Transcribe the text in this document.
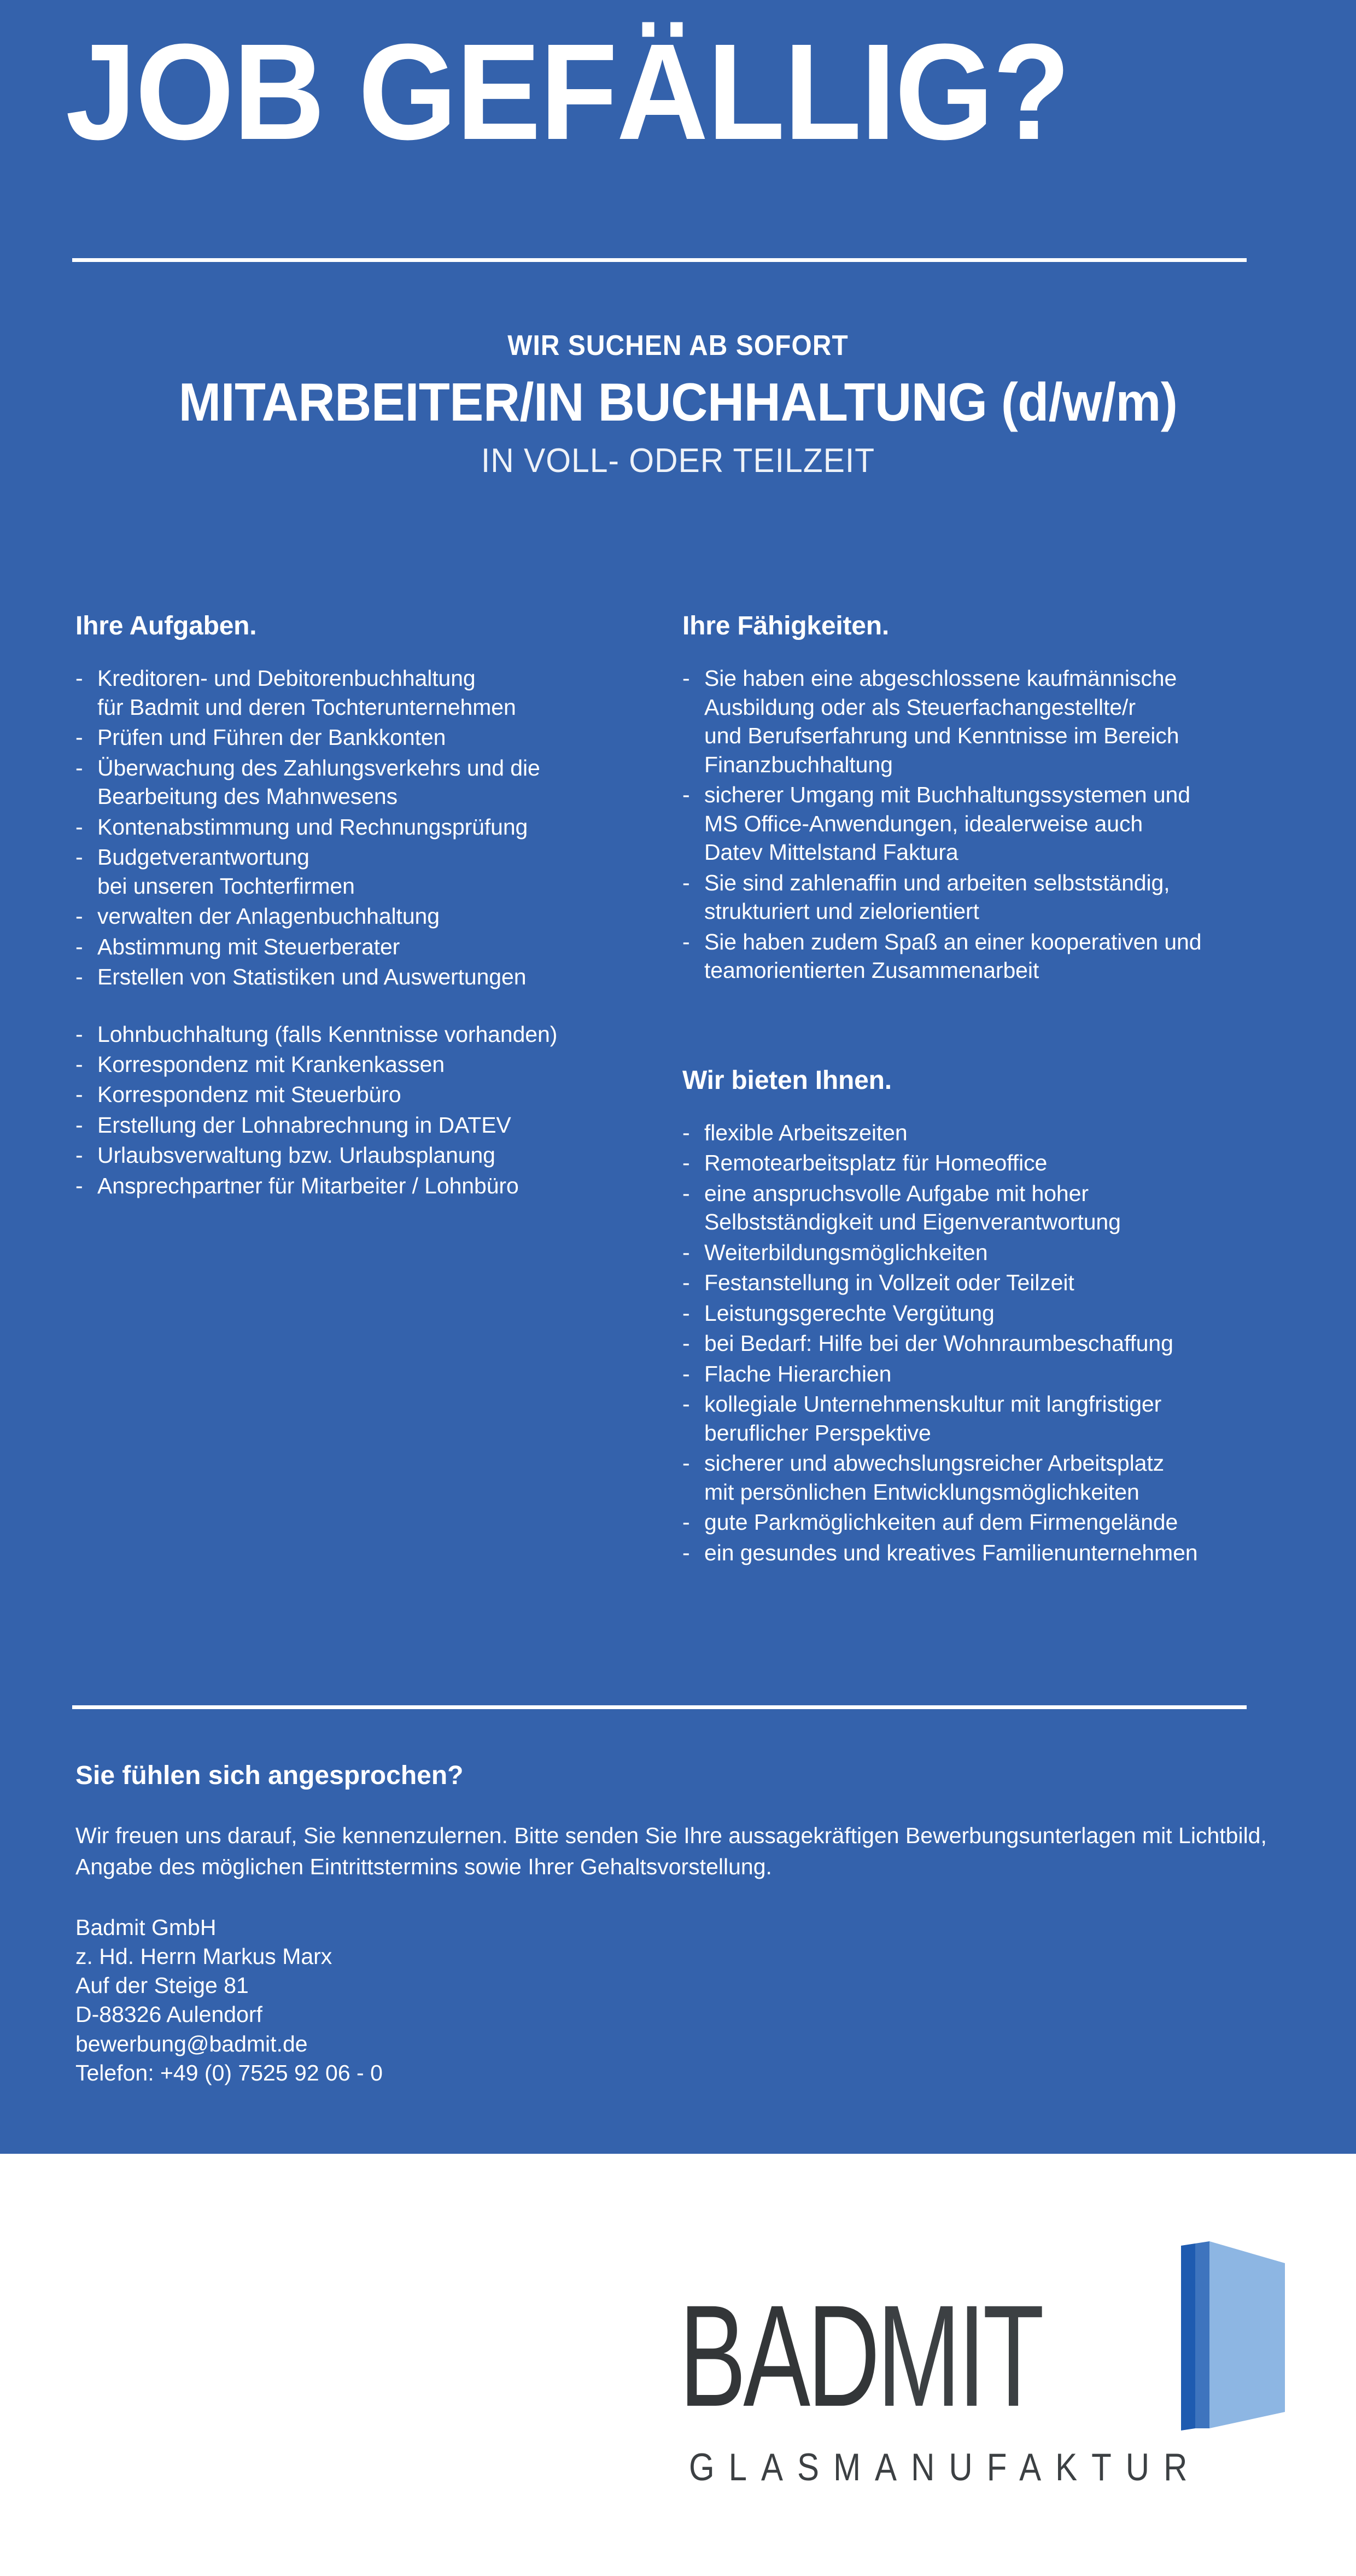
JOB GEFÄLLIG?
WIR SUCHEN AB SOFORT
MITARBEITER/IN BUCHHALTUNG (d/w/m)
IN VOLL- ODER TEILZEIT
Ihre Aufgaben.
- Kreditoren- und Debitorenbuchhaltung
für Badmit und deren Tochterunternehmen
- Prüfen und Führen der Bankkonten
- Überwachung des Zahlungsverkehrs und die
Bearbeitung des Mahnwesens
- Kontenabstimmung und Rechnungsprüfung
- Budgetverantwortung
bei unseren Tochterfirmen
- verwalten der Anlagenbuchhaltung
- Abstimmung mit Steuerberater
- Erstellen von Statistiken und Auswertungen
- Lohnbuchhaltung (falls Kenntnisse vorhanden)
- Korrespondenz mit Krankenkassen
- Korrespondenz mit Steuerbüro
- Erstellung der Lohnabrechnung in DATEV
- Urlaubsverwaltung bzw. Urlaubsplanung
- Ansprechpartner für Mitarbeiter / Lohnbüro
Ihre Fähigkeiten.
- Sie haben eine abgeschlossene kaufmännische
Ausbildung oder als Steuerfachangestellte/r
und Berufserfahrung und Kenntnisse im Bereich
Finanzbuchhaltung
- sicherer Umgang mit Buchhaltungssystemen und
MS Office-Anwendungen, idealerweise auch
Datev Mittelstand Faktura
- Sie sind zahlenaffin und arbeiten selbstständig,
strukturiert und zielorientiert
- Sie haben zudem Spaß an einer kooperativen und
teamorientierten Zusammenarbeit
Wir bieten Ihnen.
- flexible Arbeitszeiten
- Remotearbeitsplatz für Homeoffice
- eine anspruchsvolle Aufgabe mit hoher
Selbstständigkeit und Eigenverantwortung
- Weiterbildungsmöglichkeiten
- Festanstellung in Vollzeit oder Teilzeit
- Leistungsgerechte Vergütung
- bei Bedarf: Hilfe bei der Wohnraumbeschaffung
- Flache Hierarchien
- kollegiale Unternehmenskultur mit langfristiger
beruflicher Perspektive
- sicherer und abwechslungsreicher Arbeitsplatz
mit persönlichen Entwicklungsmöglichkeiten
- gute Parkmöglichkeiten auf dem Firmengelände
- ein gesundes und kreatives Familienunternehmen
Sie fühlen sich angesprochen?

Wir freuen uns darauf, Sie kennenzulernen. Bitte senden Sie Ihre aussagekräftigen Bewerbungsunterlagen mit Lichtbild, Angabe des möglichen Eintrittstermins sowie Ihrer Gehaltsvorstellung.

Badmit GmbH
z. Hd. Herrn Markus Marx
Auf der Steige 81
D-88326 Aulendorf
bewerbung@badmit.de
Telefon: +49 (0) 7525 92 06 - 0
BADMIT
GLASMANUFAKTUR
